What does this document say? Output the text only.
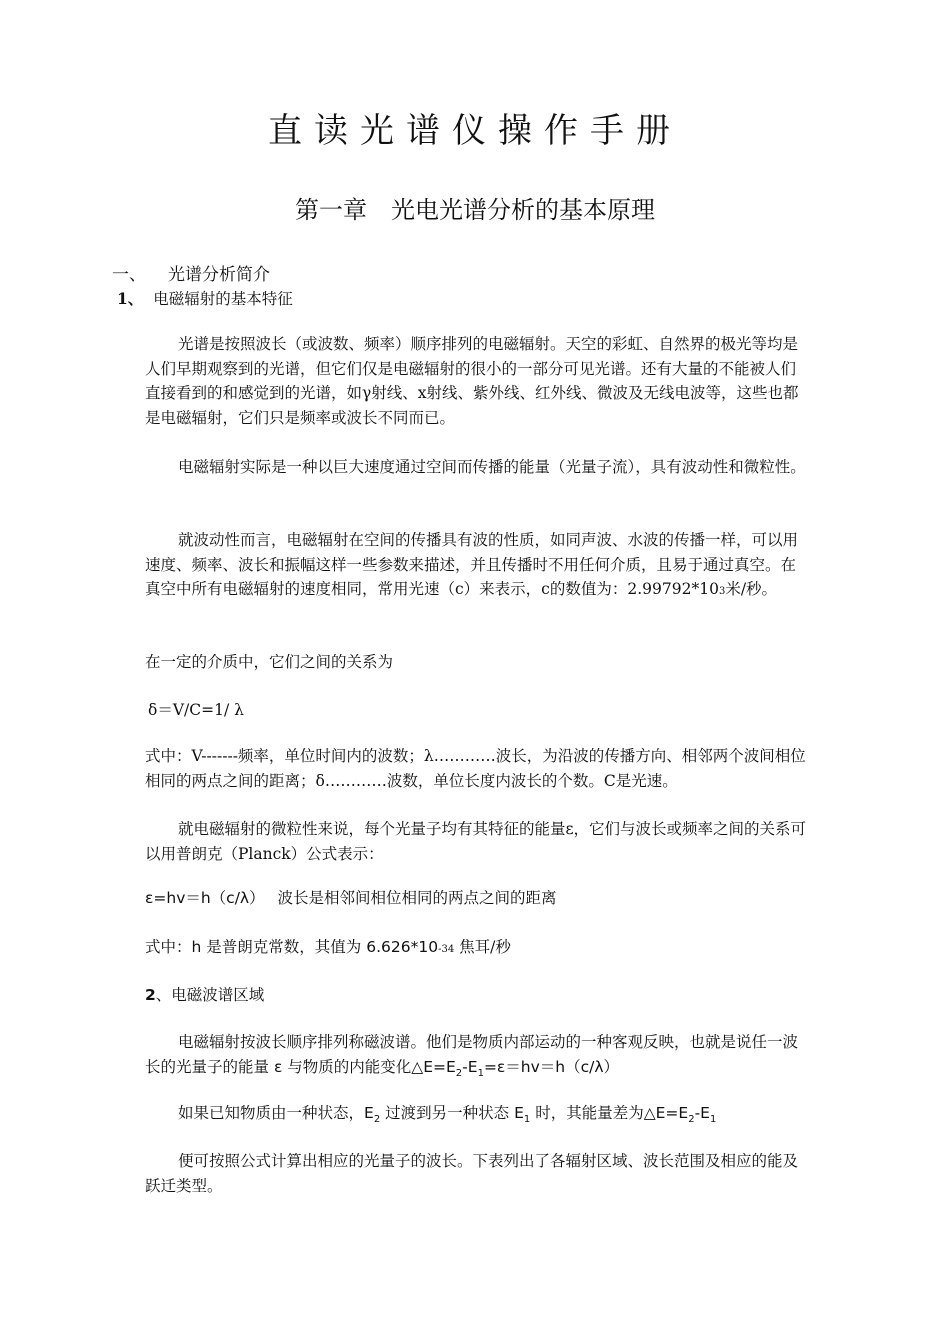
直读光谱仪操作手册
第一章　光电光谱分析的基本原理
一、 光谱分析简介
1、 电磁辐射的基本特征

光谱是按照波长（或波数、频率）顺序排列的电磁辐射。天空的彩虹、自然界的极光等均是人们早期观察到的光谱，但它们仅是电磁辐射的很小的一部分可见光谱。还有大量的不能被人们直接看到的和感觉到的光谱，如γ射线、x射线、紫外线、红外线、微波及无线电波等，这些也都是电磁辐射，它们只是频率或波长不同而已。

电磁辐射实际是一种以巨大速度通过空间而传播的能量（光量子流），具有波动性和微粒性。

就波动性而言，电磁辐射在空间的传播具有波的性质，如同声波、水波的传播一样，可以用速度、频率、波长和振幅这样一些参数来描述，并且传播时不用任何介质，且易于通过真空。在真空中所有电磁辐射的速度相同，常用光速（c）来表示，c的数值为：2.99792*103米/秒。

在一定的介质中，它们之间的关系为

δ＝V/C=1/ λ

式中：V-------频率，单位时间内的波数；λ…………波长，为沿波的传播方向、相邻两个波间相位相同的两点之间的距离；δ…………波数，单位长度内波长的个数。C是光速。

就电磁辐射的微粒性来说，每个光量子均有其特征的能量ε，它们与波长或频率之间的关系可以用普朗克（Planck）公式表示：

ε=hv＝h（c/λ） 波长是相邻间相位相同的两点之间的距离
式中：h 是普朗克常数，其值为 6.626*10-34 焦耳/秒
2、电磁波谱区域

电磁辐射按波长顺序排列称磁波谱。他们是物质内部运动的一种客观反映，也就是说任一波长的光量子的能量 ε 与物质的内能变化$\triangle E=E_2-E_1=\varepsilon=hv=h(c/\lambda)$

如果已知物质由一种状态，$E_2$ 过渡到另一种状态 $E_1$ 时，其能量差为$\triangle E=E_2-E_1$

便可按照公式计算出相应的光量子的波长。下表列出了各辐射区域、波长范围及相应的能及跃迁类型。
